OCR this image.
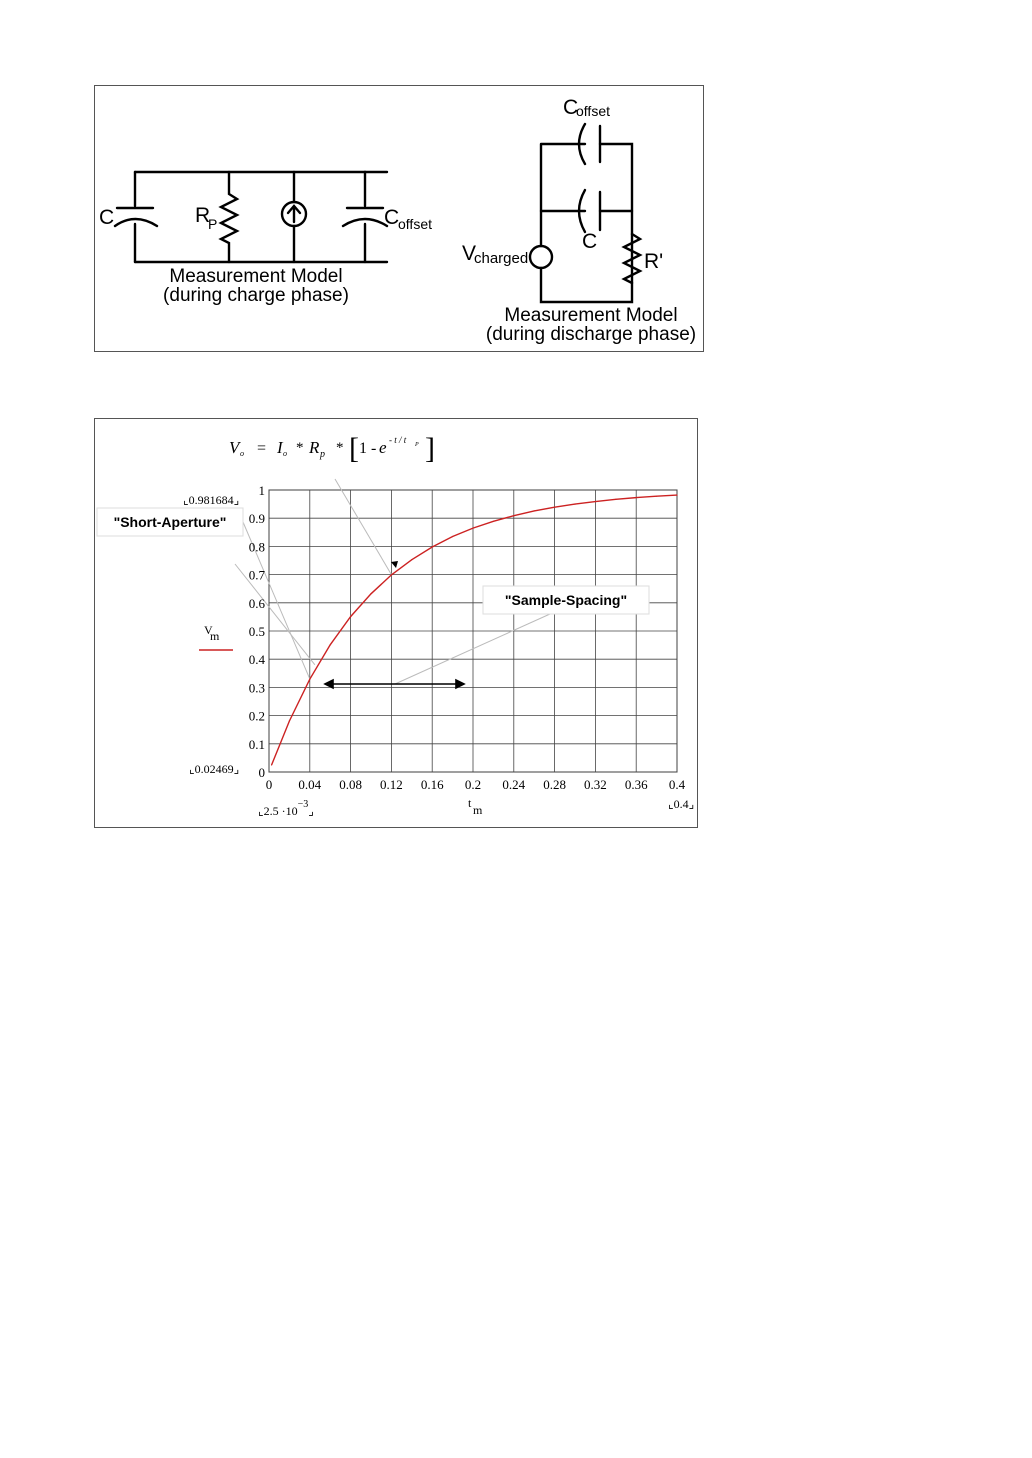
C	R
P	C
offset
Measurement Model
(during charge phase)
C
offset
C
V
charged	R'
Measurement Model
(during discharge phase)
V o = I o * R p * [ 1 - e - t / t P ]
0 0.04 0.08 0.12 0.16 0.2 0.24 0.28 0.32 0.36 0.4
0
0.1
0.2
0.3
0.4
0.5
0.6
0.7
0.8
0.9
1
"Short-Aperture"
"Sample-Spacing"
⌞0.981684⌟
⌞0.02469⌟
⌞2.5 $\cdot 10^{-3}⌟$	⌞0.4⌟
V
m
t m
